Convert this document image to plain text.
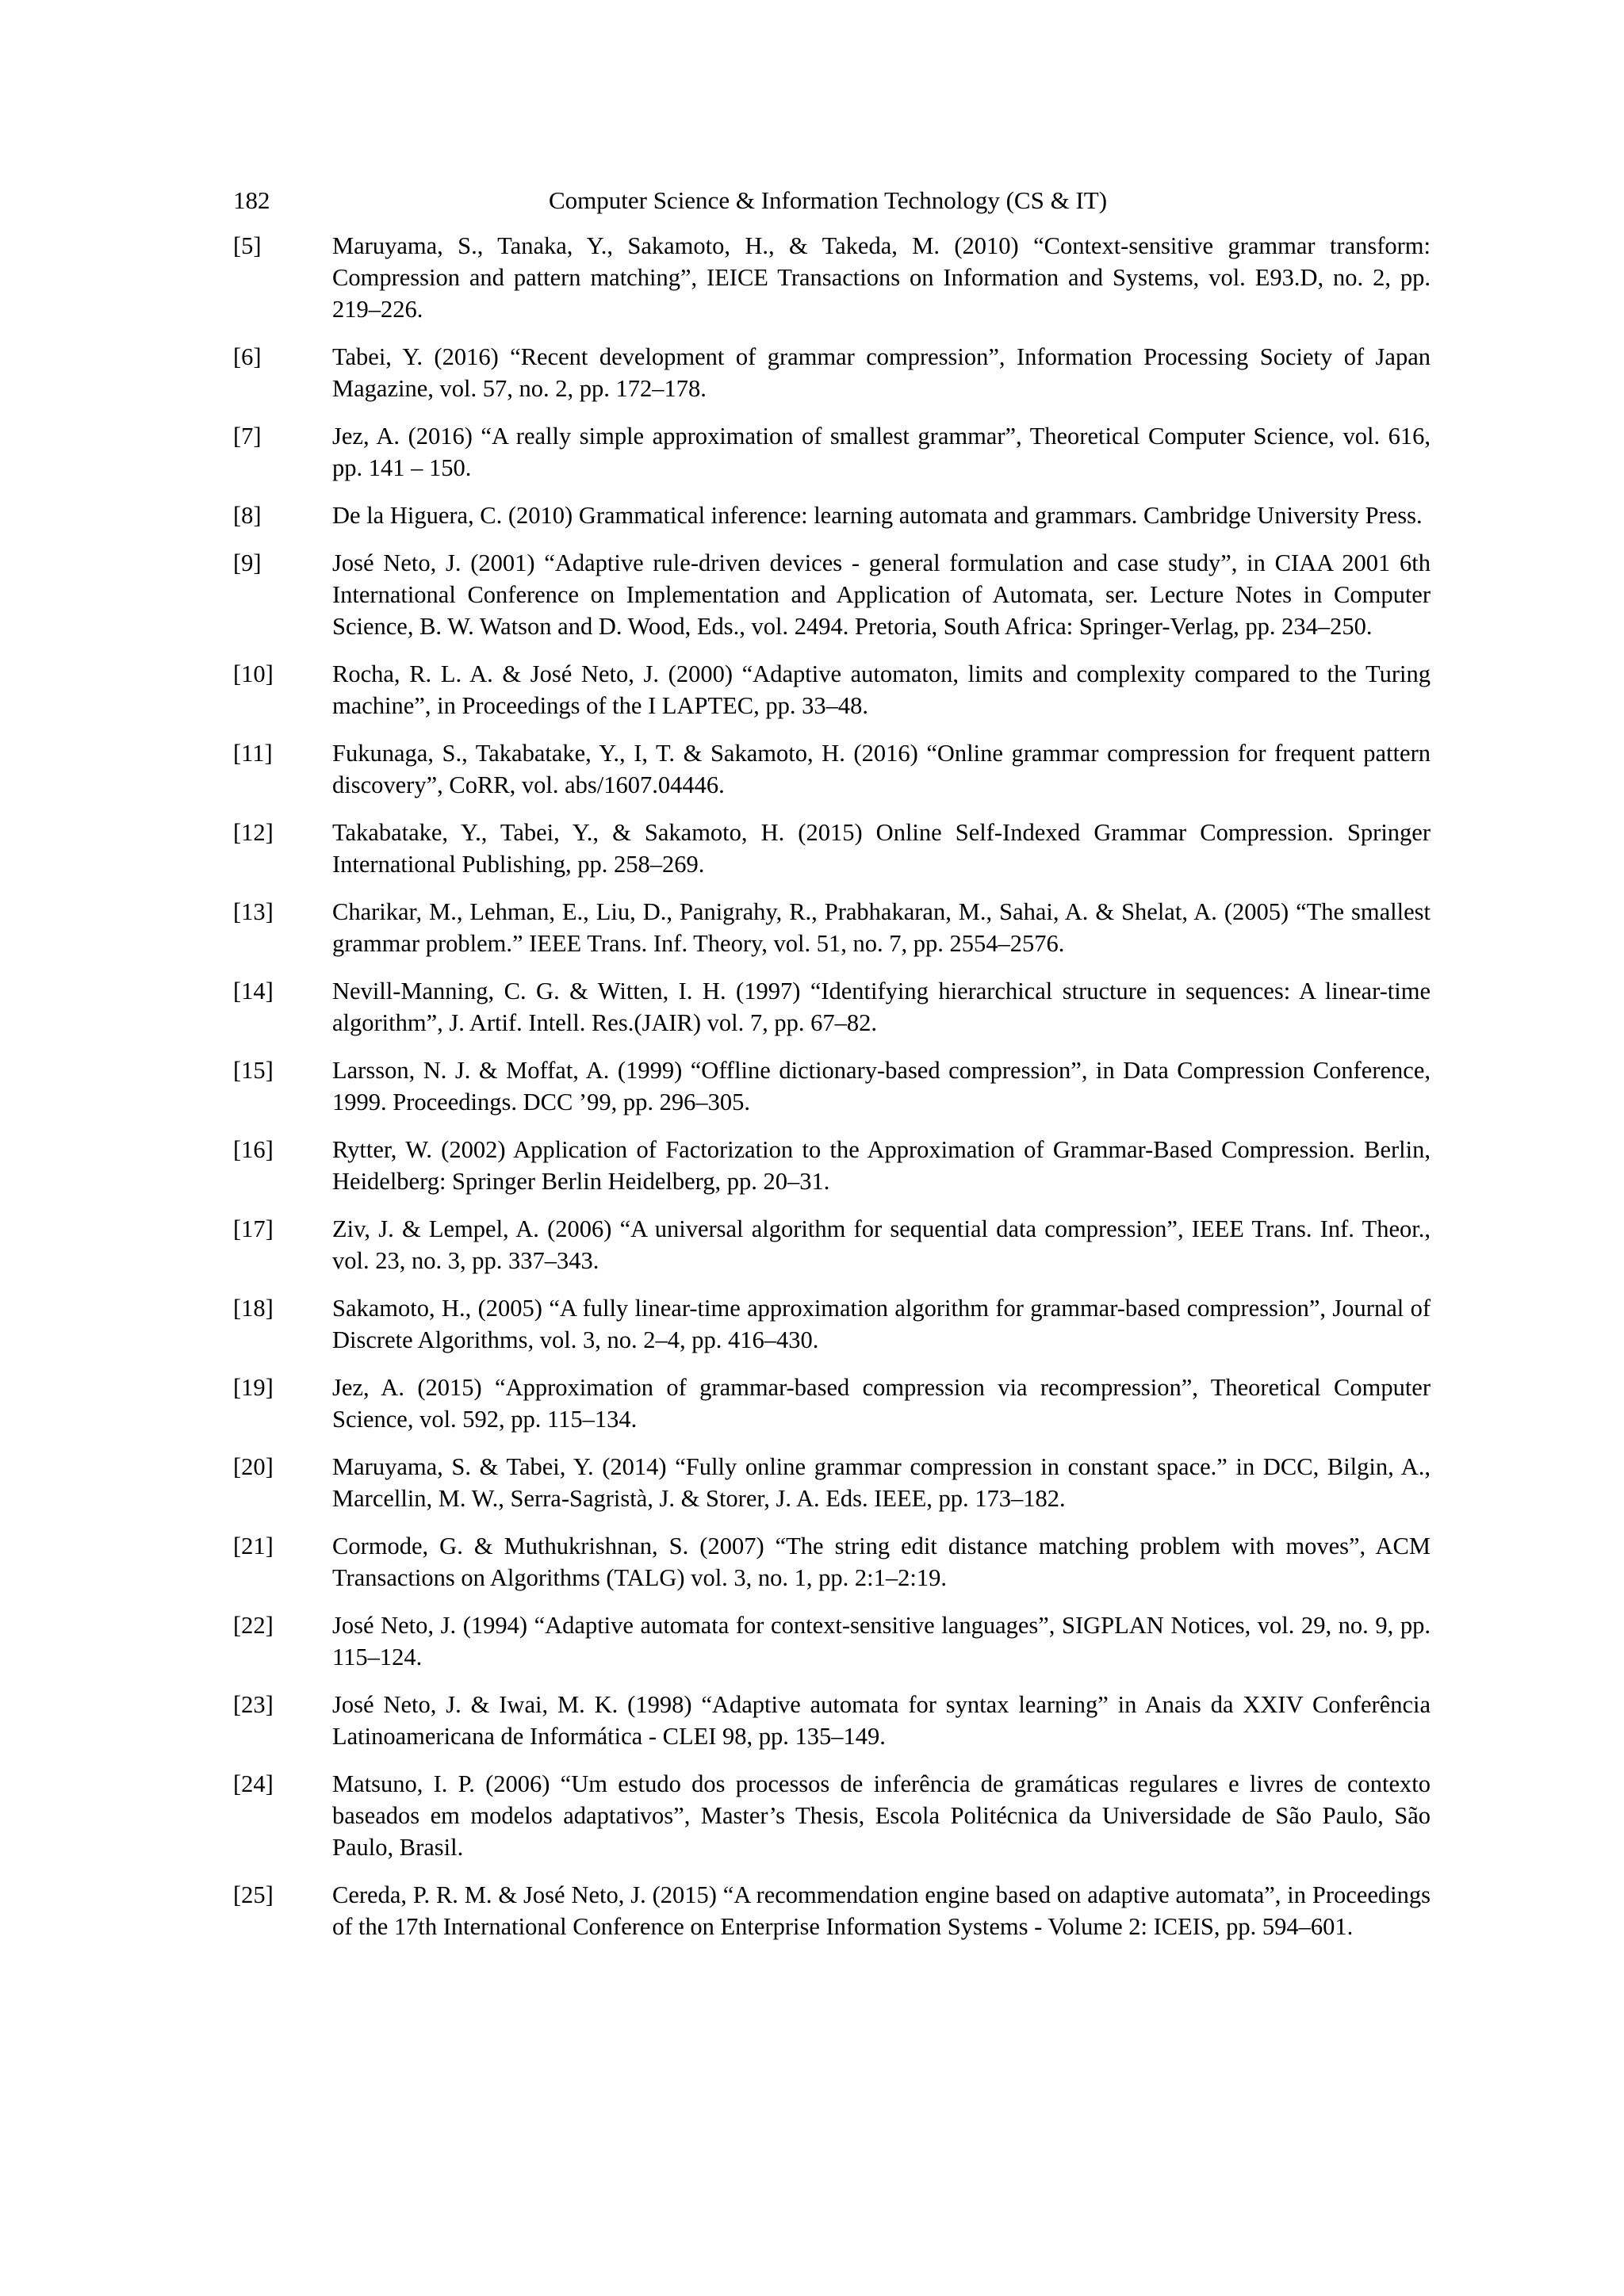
182	Computer Science & Information Technology (CS & IT)
[5]	Maruyama, S., Tanaka, Y., Sakamoto, H., & Takeda, M. (2010) “Context-sensitive grammar transform: Compression and pattern matching”, IEICE Transactions on Information and Systems, vol. E93.D, no. 2, pp. 219–226.
[6]	Tabei, Y. (2016) “Recent development of grammar compression”, Information Processing Society of Japan Magazine, vol. 57, no. 2, pp. 172–178.
[7]	Jez, A. (2016) “A really simple approximation of smallest grammar”, Theoretical Computer Science, vol. 616, pp. 141 – 150.
[8]	De la Higuera, C. (2010) Grammatical inference: learning automata and grammars. Cambridge University Press.
[9]	José Neto, J. (2001) “Adaptive rule-driven devices - general formulation and case study”, in CIAA 2001 6th International Conference on Implementation and Application of Automata, ser. Lecture Notes in Computer Science, B. W. Watson and D. Wood, Eds., vol. 2494. Pretoria, South Africa: Springer-Verlag, pp. 234–250.
[10]	Rocha, R. L. A. & José Neto, J. (2000) “Adaptive automaton, limits and complexity compared to the Turing machine”, in Proceedings of the I LAPTEC, pp. 33–48.
[11]	Fukunaga, S., Takabatake, Y., I, T. & Sakamoto, H. (2016) “Online grammar compression for frequent pattern discovery”, CoRR, vol. abs/1607.04446.
[12]	Takabatake, Y., Tabei, Y., & Sakamoto, H. (2015) Online Self-Indexed Grammar Compression. Springer International Publishing, pp. 258–269.
[13]	Charikar, M., Lehman, E., Liu, D., Panigrahy, R., Prabhakaran, M., Sahai, A. & Shelat, A. (2005) “The smallest grammar problem.” IEEE Trans. Inf. Theory, vol. 51, no. 7, pp. 2554–2576.
[14]	Nevill-Manning, C. G. & Witten, I. H. (1997) “Identifying hierarchical structure in sequences: A linear-time algorithm”, J. Artif. Intell. Res.(JAIR) vol. 7, pp. 67–82.
[15]	Larsson, N. J. & Moffat, A. (1999) “Offline dictionary-based compression”, in Data Compression Conference, 1999. Proceedings. DCC ’99, pp. 296–305.
[16]	Rytter, W. (2002) Application of Factorization to the Approximation of Grammar-Based Compression. Berlin, Heidelberg: Springer Berlin Heidelberg, pp. 20–31.
[17]	Ziv, J. & Lempel, A. (2006) “A universal algorithm for sequential data compression”, IEEE Trans. Inf. Theor., vol. 23, no. 3, pp. 337–343.
[18]	Sakamoto, H., (2005) “A fully linear-time approximation algorithm for grammar-based compression”, Journal of Discrete Algorithms, vol. 3, no. 2–4, pp. 416–430.
[19]	Jez, A. (2015) “Approximation of grammar-based compression via recompression”, Theoretical Computer Science, vol. 592, pp. 115–134.
[20]	Maruyama, S. & Tabei, Y. (2014) “Fully online grammar compression in constant space.” in DCC, Bilgin, A., Marcellin, M. W., Serra-Sagristà, J. & Storer, J. A. Eds. IEEE, pp. 173–182.
[21]	Cormode, G. & Muthukrishnan, S. (2007) “The string edit distance matching problem with moves”, ACM Transactions on Algorithms (TALG) vol. 3, no. 1, pp. 2:1–2:19.
[22]	José Neto, J. (1994) “Adaptive automata for context-sensitive languages”, SIGPLAN Notices, vol. 29, no. 9, pp. 115–124.
[23]	José Neto, J. & Iwai, M. K. (1998) “Adaptive automata for syntax learning” in Anais da XXIV Conferência Latinoamericana de Informática - CLEI 98, pp. 135–149.
[24]	Matsuno, I. P. (2006) “Um estudo dos processos de inferência de gramáticas regulares e livres de contexto baseados em modelos adaptativos”, Master’s Thesis, Escola Politécnica da Universidade de São Paulo, São Paulo, Brasil.
[25]	Cereda, P. R. M. & José Neto, J. (2015) “A recommendation engine based on adaptive automata”, in Proceedings of the 17th International Conference on Enterprise Information Systems - Volume 2: ICEIS, pp. 594–601.
